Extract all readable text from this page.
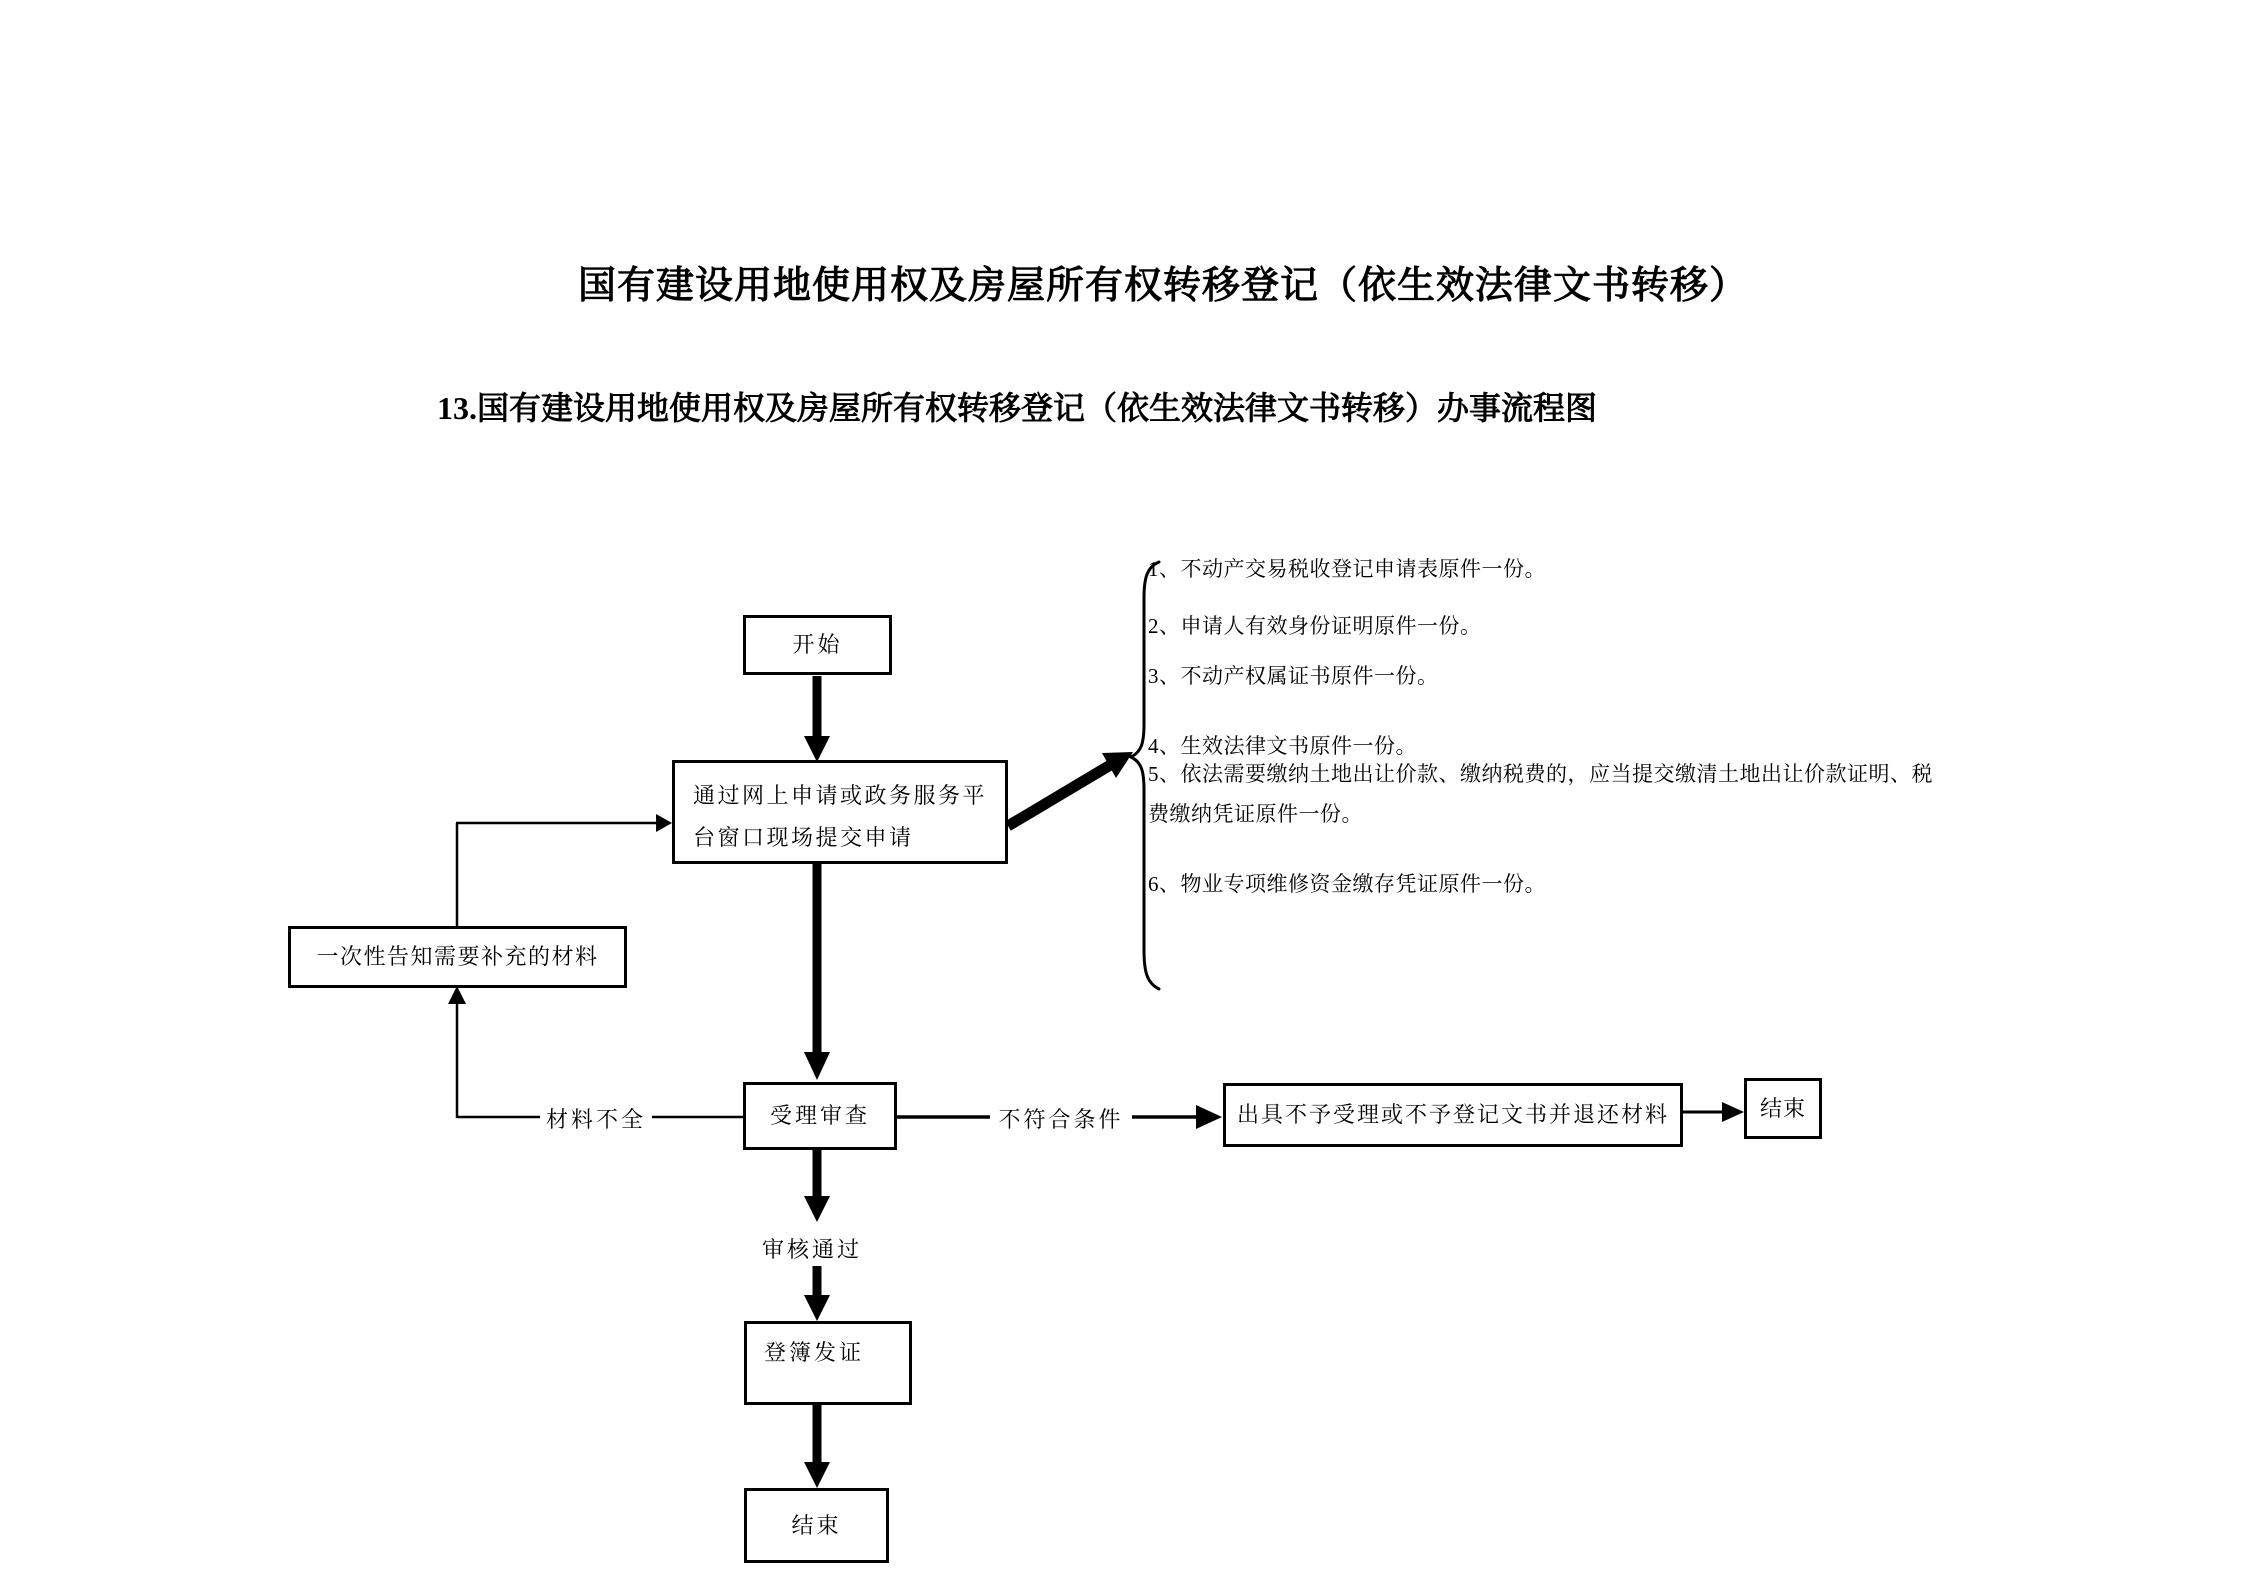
国有建设用地使用权及房屋所有权转移登记（依生效法律文书转移）
13.国有建设用地使用权及房屋所有权转移登记（依生效法律文书转移）办事流程图
开始
通过网上申请或政务服务平台窗口现场提交申请
一次性告知需要补充的材料
受理审查	出具不予受理或不予登记文书并退还材料	结束
登簿发证
结束
材料不全	不符合条件
审核通过
1、不动产交易税收登记申请表原件一份。
2、申请人有效身份证明原件一份。
3、不动产权属证书原件一份。
4、生效法律文书原件一份。
5、依法需要缴纳土地出让价款、缴纳税费的，应当提交缴清土地出让价款证明、税费缴纳凭证原件一份。
6、物业专项维修资金缴存凭证原件一份。
